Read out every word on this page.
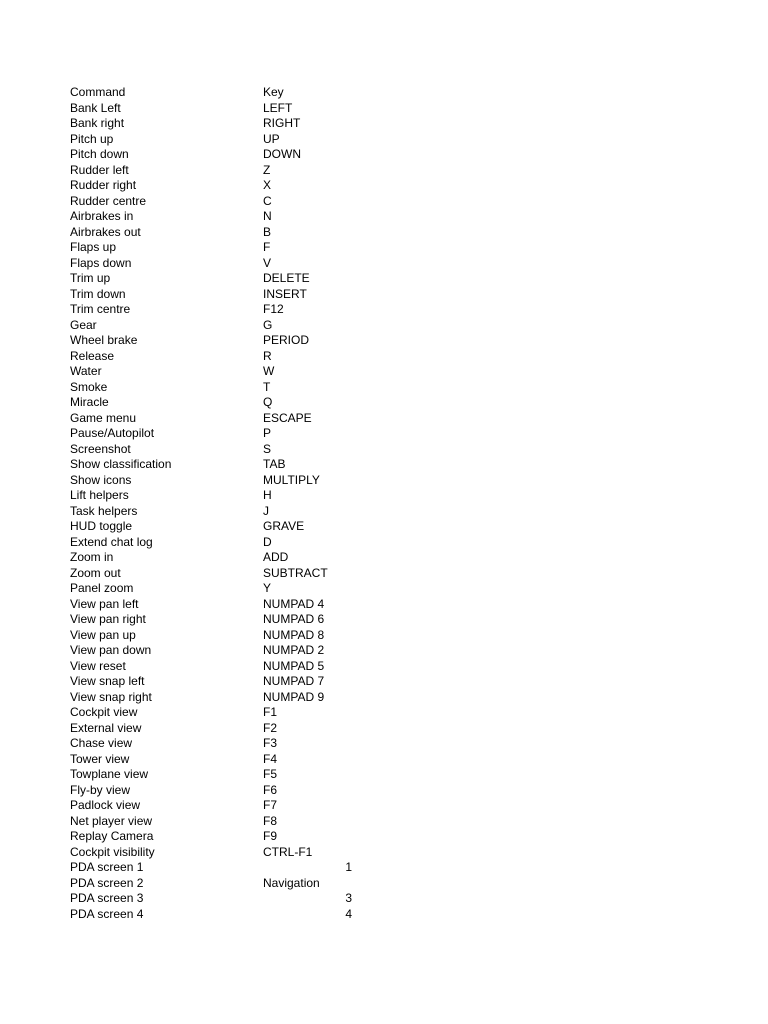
Command	Key
Bank Left	LEFT
Bank right	RIGHT
Pitch up	UP
Pitch down	DOWN
Rudder left	Z
Rudder right	X
Rudder centre	C
Airbrakes in	N
Airbrakes out	B
Flaps up	F
Flaps down	V
Trim up	DELETE
Trim down	INSERT
Trim centre	F12
Gear	G
Wheel brake	PERIOD
Release	R
Water	W
Smoke	T
Miracle	Q
Game menu	ESCAPE
Pause/Autopilot	P
Screenshot	S
Show classification	TAB
Show icons	MULTIPLY
Lift helpers	H
Task helpers	J
HUD toggle	GRAVE
Extend chat log	D
Zoom in	ADD
Zoom out	SUBTRACT
Panel zoom	Y
View pan left	NUMPAD 4
View pan right	NUMPAD 6
View pan up	NUMPAD 8
View pan down	NUMPAD 2
View reset	NUMPAD 5
View snap left	NUMPAD 7
View snap right	NUMPAD 9
Cockpit view	F1
External view	F2
Chase view	F3
Tower view	F4
Towplane view	F5
Fly-by view	F6
Padlock view	F7
Net player view	F8
Replay Camera	F9
Cockpit visibility	CTRL-F1
PDA screen 1	1
PDA screen 2	Navigation
PDA screen 3	3
PDA screen 4	4
